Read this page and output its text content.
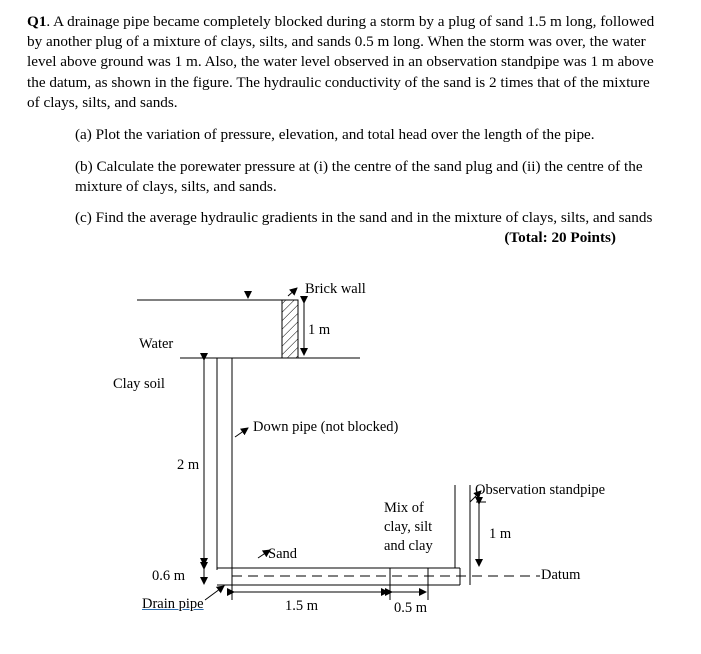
Q1. A drainage pipe became completely blocked during a storm by a plug of sand 1.5 m long, followed by another plug of a mixture of clays, silts, and sands 0.5 m long. When the storm was over, the water level above ground was 1 m. Also, the water level observed in an observation standpipe was 1 m above the datum, as shown in the figure. The hydraulic conductivity of the sand is 2 times that of the mixture of clays, silts, and sands.
(a) Plot the variation of pressure, elevation, and total head over the length of the pipe.
(b) Calculate the porewater pressure at (i) the centre of the sand plug and (ii) the centre of the mixture of clays, silts, and sands.
(c) Find the average hydraulic gradients in the sand and in the mixture of clays, silts, and sands
(Total: 20 Points)
Brick wall
1 m
Water
Clay soil
Down pipe (not blocked)
2 m
Observation standpipe
Mix of
clay, silt
and clay
1 m
Sand
0.6 m	Datum
Drain pipe	1.5 m	0.5 m
